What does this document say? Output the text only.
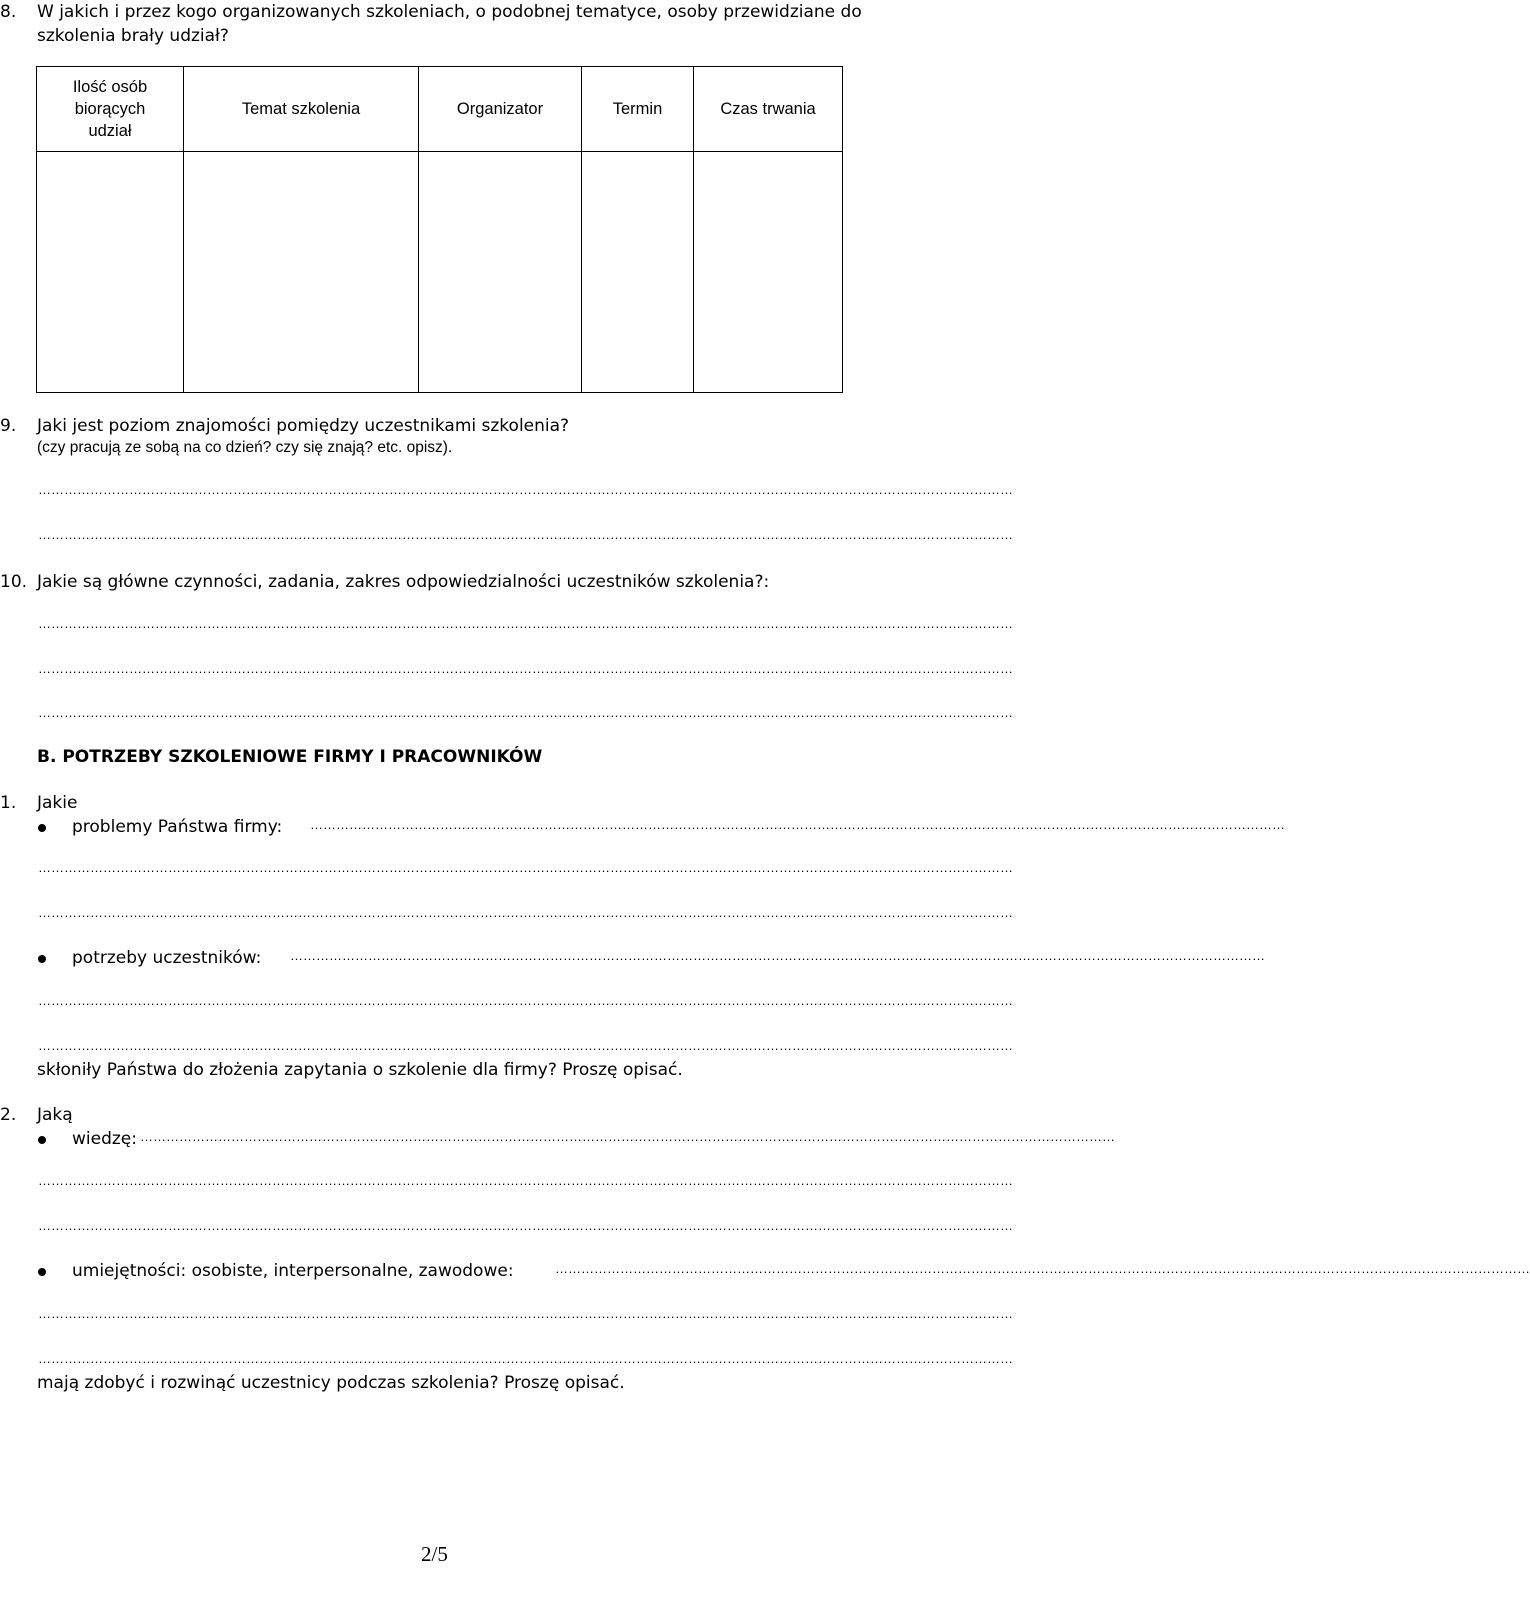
8. W jakich i przez kogo organizowanych szkoleniach, o podobnej tematyce, osoby przewidziane do
szkolenia brały udział?
Ilość osób biorących udział	Temat szkolenia	Organizator	Termin	Czas trwania

9. Jaki jest poziom znajomości pomiędzy uczestnikami szkolenia?
(czy pracują ze sobą na co dzień? czy się znają? etc. opisz).
………………………………………………………………………………………………………………………………………………………………………………………………………
………………………………………………………………………………………………………………………………………………………………………………………………………
10. Jakie są główne czynności, zadania, zakres odpowiedzialności uczestników szkolenia?:
………………………………………………………………………………………………………………………………………………………………………………………………………
………………………………………………………………………………………………………………………………………………………………………………………………………
………………………………………………………………………………………………………………………………………………………………………………………………………
B. POTRZEBY SZKOLENIOWE FIRMY I PRACOWNIKÓW
1. Jakie
problemy Państwa firmy: ………………………………………………………………………………………………………………………………………………………………………………………………………
………………………………………………………………………………………………………………………………………………………………………………………………………
………………………………………………………………………………………………………………………………………………………………………………………………………
potrzeby uczestników: ………………………………………………………………………………………………………………………………………………………………………………………………………
………………………………………………………………………………………………………………………………………………………………………………………………………
………………………………………………………………………………………………………………………………………………………………………………………………………
skłoniły Państwa do złożenia zapytania o szkolenie dla firmy? Proszę opisać.
2. Jaką
wiedzę: ………………………………………………………………………………………………………………………………………………………………………………………………………
………………………………………………………………………………………………………………………………………………………………………………………………………
………………………………………………………………………………………………………………………………………………………………………………………………………
umiejętności: osobiste, interpersonalne, zawodowe:	………………………………………………………………………………………………………………………………………………………………………………………………………
………………………………………………………………………………………………………………………………………………………………………………………………………
………………………………………………………………………………………………………………………………………………………………………………………………………
mają zdobyć i rozwinąć uczestnicy podczas szkolenia? Proszę opisać.
2/5
